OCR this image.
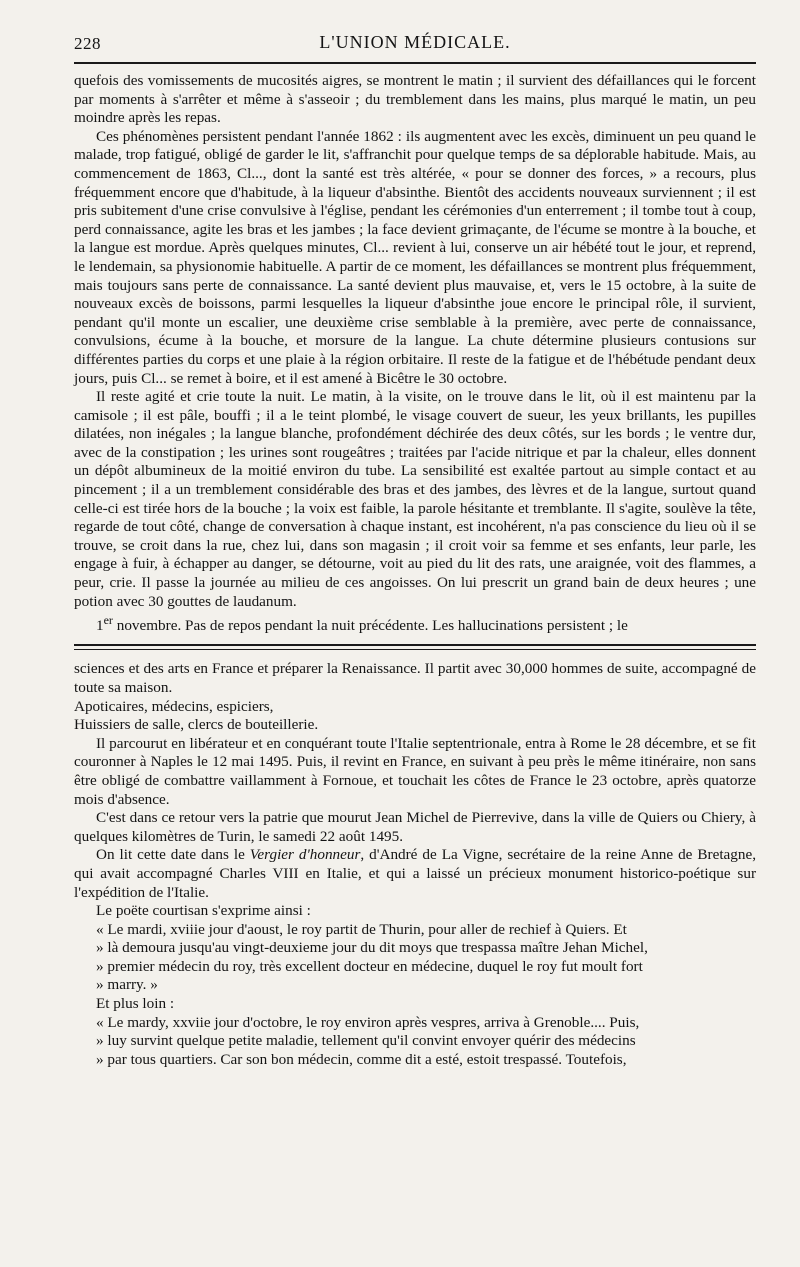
228	L'UNION MÉDICALE.

quefois des vomissements de mucosités aigres, se montrent le matin ; il survient des défaillances qui le forcent par moments à s'arrêter et même à s'asseoir ; du tremblement dans les mains, plus marqué le matin, un peu moindre après les repas.

Ces phénomènes persistent pendant l'année 1862 : ils augmentent avec les excès, diminuent un peu quand le malade, trop fatigué, obligé de garder le lit, s'affranchit pour quelque temps de sa déplorable habitude. Mais, au commencement de 1863, Cl..., dont la santé est très altérée, « pour se donner des forces, » a recours, plus fréquemment encore que d'habitude, à la liqueur d'absinthe. Bientôt des accidents nouveaux surviennent ; il est pris subitement d'une crise convulsive à l'église, pendant les cérémonies d'un enterrement ; il tombe tout à coup, perd connaissance, agite les bras et les jambes ; la face devient grimaçante, de l'écume se montre à la bouche, et la langue est mordue. Après quelques minutes, Cl... revient à lui, conserve un air hébété tout le jour, et reprend, le lendemain, sa physionomie habituelle. A partir de ce moment, les défaillances se montrent plus fréquemment, mais toujours sans perte de connaissance. La santé devient plus mauvaise, et, vers le 15 octobre, à la suite de nouveaux excès de boissons, parmi lesquelles la liqueur d'absinthe joue encore le principal rôle, il survient, pendant qu'il monte un escalier, une deuxième crise semblable à la première, avec perte de connaissance, convulsions, écume à la bouche, et morsure de la langue. La chute détermine plusieurs contusions sur différentes parties du corps et une plaie à la région orbitaire. Il reste de la fatigue et de l'hébétude pendant deux jours, puis Cl... se remet à boire, et il est amené à Bicêtre le 30 octobre.

Il reste agité et crie toute la nuit. Le matin, à la visite, on le trouve dans le lit, où il est maintenu par la camisole ; il est pâle, bouffi ; il a le teint plombé, le visage couvert de sueur, les yeux brillants, les pupilles dilatées, non inégales ; la langue blanche, profondément déchirée des deux côtés, sur les bords ; le ventre dur, avec de la constipation ; les urines sont rougeâtres ; traitées par l'acide nitrique et par la chaleur, elles donnent un dépôt albumineux de la moitié environ du tube. La sensibilité est exaltée partout au simple contact et au pincement ; il a un tremblement considérable des bras et des jambes, des lèvres et de la langue, surtout quand celle-ci est tirée hors de la bouche ; la voix est faible, la parole hésitante et tremblante. Il s'agite, soulève la tête, regarde de tout côté, change de conversation à chaque instant, est incohérent, n'a pas conscience du lieu où il se trouve, se croit dans la rue, chez lui, dans son magasin ; il croit voir sa femme et ses enfants, leur parle, les engage à fuir, à échapper au danger, se détourne, voit au pied du lit des rats, une araignée, voit des flammes, a peur, crie. Il passe la journée au milieu de ces angoisses. On lui prescrit un grand bain de deux heures ; une potion avec 30 gouttes de laudanum.

1er novembre. Pas de repos pendant la nuit précédente. Les hallucinations persistent ; le

sciences et des arts en France et préparer la Renaissance. Il partit avec 30,000 hommes de suite, accompagné de toute sa maison.

Apoticaires, médecins, espiciers,

Huissiers de salle, clercs de bouteillerie.

Il parcourut en libérateur et en conquérant toute l'Italie septentrionale, entra à Rome le 28 décembre, et se fit couronner à Naples le 12 mai 1495. Puis, il revint en France, en suivant à peu près le même itinéraire, non sans être obligé de combattre vaillamment à Fornoue, et touchait les côtes de France le 23 octobre, après quatorze mois d'absence.

C'est dans ce retour vers la patrie que mourut Jean Michel de Pierrevive, dans la ville de Quiers ou Chiery, à quelques kilomètres de Turin, le samedi 22 août 1495.

On lit cette date dans le Vergier d'honneur, d'André de La Vigne, secrétaire de la reine Anne de Bretagne, qui avait accompagné Charles VIII en Italie, et qui a laissé un précieux monument historico-poétique sur l'expédition de l'Italie.

Le poëte courtisan s'exprime ainsi :

« Le mardi, xviiie jour d'aoust, le roy partit de Thurin, pour aller de rechief à Quiers. Et

» là demoura jusqu'au vingt-deuxieme jour du dit moys que trespassa maître Jehan Michel,

» premier médecin du roy, très excellent docteur en médecine, duquel le roy fut moult fort

» marry. »

Et plus loin :

« Le mardy, xxviie jour d'octobre, le roy environ après vespres, arriva à Grenoble.... Puis,

» luy survint quelque petite maladie, tellement qu'il convint envoyer quérir des médecins

» par tous quartiers. Car son bon médecin, comme dit a esté, estoit trespassé. Toutefois,
